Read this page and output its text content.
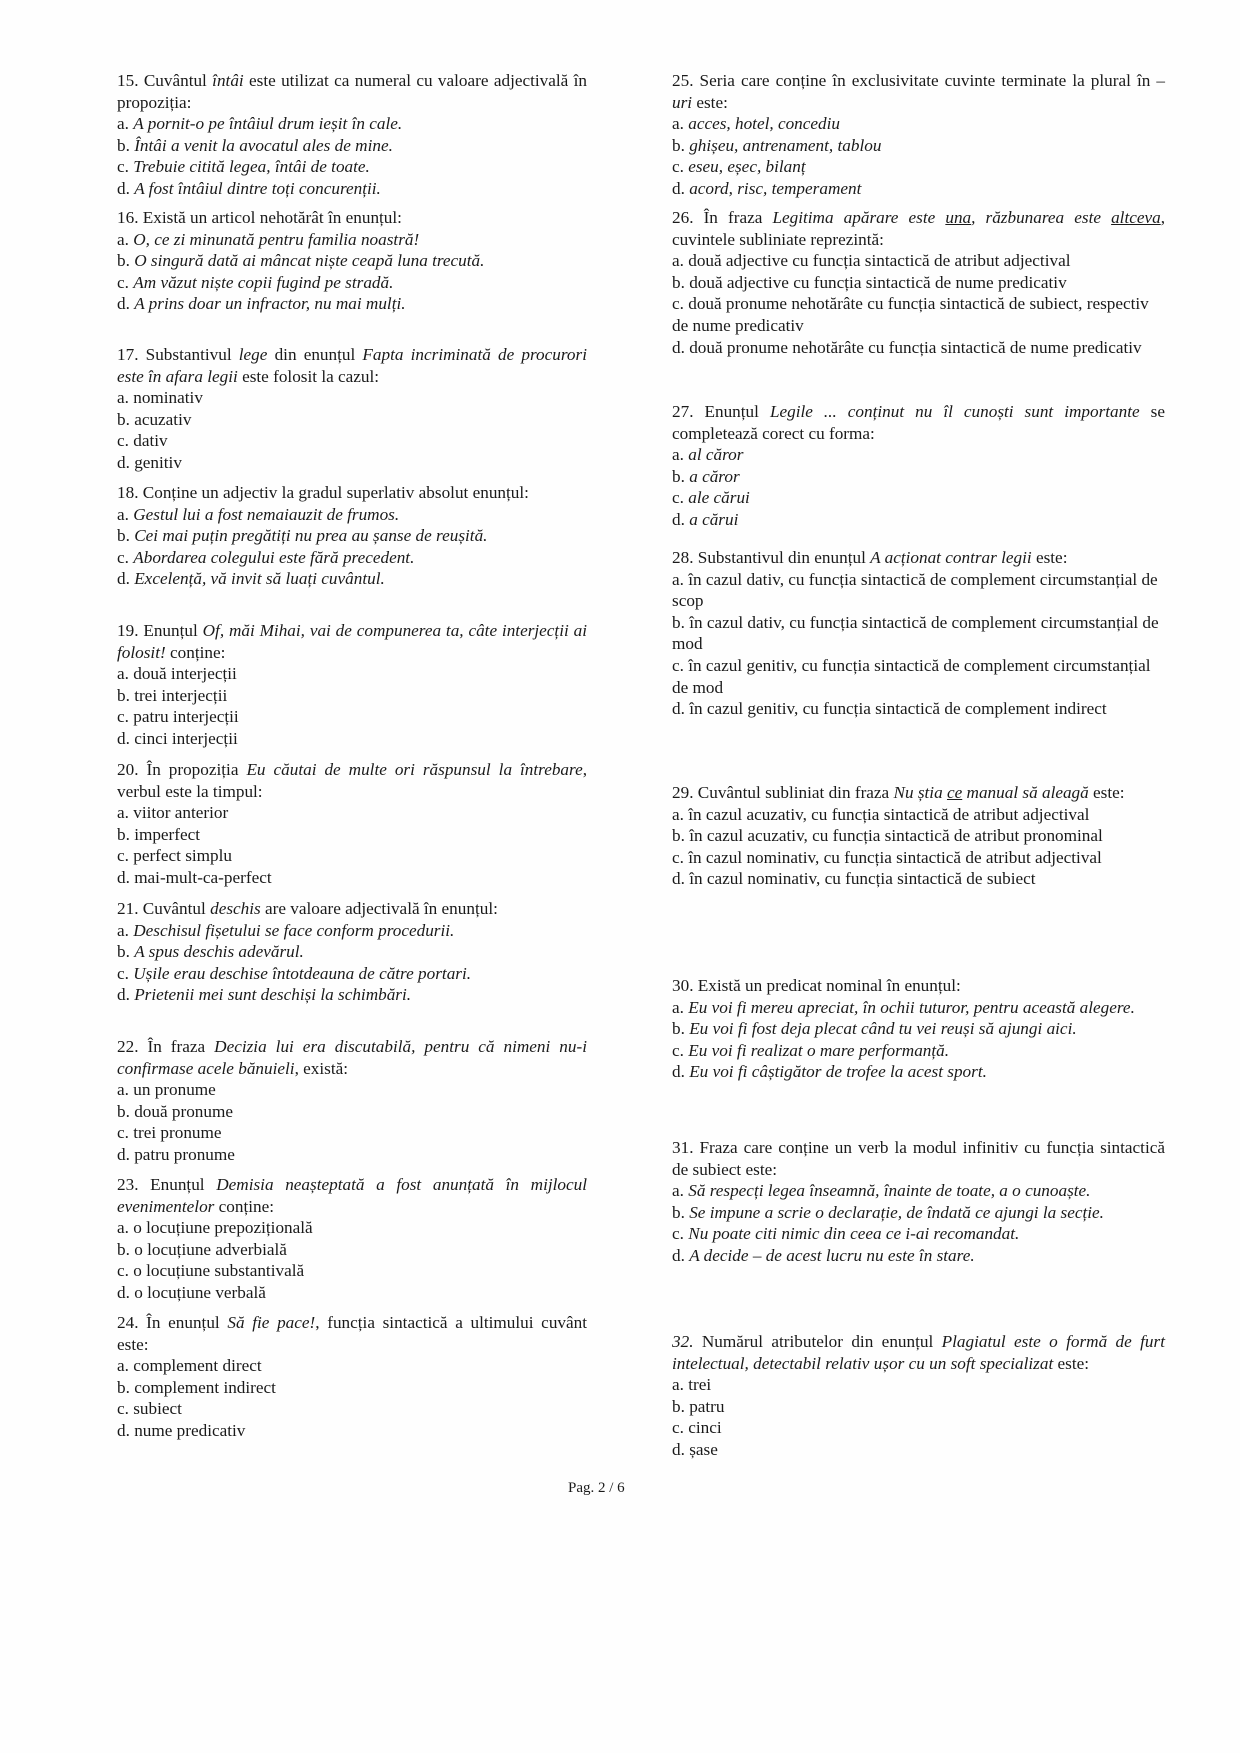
15. Cuvântul întâi este utilizat ca numeral cu valoare adjectivală în propoziția:
a. A pornit-o pe întâiul drum ieșit în cale.
b. Întâi a venit la avocatul ales de mine.
c. Trebuie citită legea, întâi de toate.
d. A fost întâiul dintre toți concurenții.
16. Există un articol nehotărât în enunțul:
a. O, ce zi minunată pentru familia noastră!
b. O singură dată ai mâncat niște ceapă luna trecută.
c. Am văzut niște copii fugind pe stradă.
d. A prins doar un infractor, nu mai mulți.
17. Substantivul lege din enunțul Fapta incriminată de procurori este în afara legii este folosit la cazul:
a. nominativ
b. acuzativ
c. dativ
d. genitiv
18. Conține un adjectiv la gradul superlativ absolut enunțul:
a. Gestul lui a fost nemaiauzit de frumos.
b. Cei mai puțin pregătiți nu prea au șanse de reușită.
c. Abordarea colegului este fără precedent.
d. Excelență, vă invit să luați cuvântul.
19. Enunțul Of, măi Mihai, vai de compunerea ta, câte interjecții ai folosit! conține:
a. două interjecții
b. trei interjecții
c. patru interjecții
d. cinci interjecții
20. În propoziția Eu căutai de multe ori răspunsul la întrebare, verbul este la timpul:
a. viitor anterior
b. imperfect
c. perfect simplu
d. mai-mult-ca-perfect
21. Cuvântul deschis are valoare adjectivală în enunțul:
a. Deschisul fișetului se face conform procedurii.
b. A spus deschis adevărul.
c. Ușile erau deschise întotdeauna de către portari.
d. Prietenii mei sunt deschiși la schimbări.
22. În fraza Decizia lui era discutabilă, pentru că nimeni nu-i confirmase acele bănuieli, există:
a. un pronume
b. două pronume
c. trei pronume
d. patru pronume
23. Enunțul Demisia neașteptată a fost anunțată în mijlocul evenimentelor conține:
a. o locuțiune prepozițională
b. o locuțiune adverbială
c. o locuțiune substantivală
d. o locuțiune verbală
24. În enunțul Să fie pace!, funcția sintactică a ultimului cuvânt este:
a. complement direct
b. complement indirect
c. subiect
d. nume predicativ
25. Seria care conține în exclusivitate cuvinte terminate la plural în –uri este:
a. acces, hotel, concediu
b. ghișeu, antrenament, tablou
c. eseu, eșec, bilanț
d. acord, risc, temperament
26. În fraza Legitima apărare este una, răzbunarea este altceva, cuvintele subliniate reprezintă:
a. două adjective cu funcția sintactică de atribut adjectival
b. două adjective cu funcția sintactică de nume predicativ
c. două pronume nehotărâte cu funcția sintactică de subiect, respectiv de nume predicativ
d. două pronume nehotărâte cu funcția sintactică de nume predicativ
27. Enunțul Legile ... conținut nu îl cunoști sunt importante se completează corect cu forma:
a. al căror
b. a căror
c. ale cărui
d. a cărui
28. Substantivul din enunțul A acționat contrar legii este:
a. în cazul dativ, cu funcția sintactică de complement circumstanțial de scop
b. în cazul dativ, cu funcția sintactică de complement circumstanțial de mod
c. în cazul genitiv, cu funcția sintactică de complement circumstanțial de mod
d. în cazul genitiv, cu funcția sintactică de complement indirect
29. Cuvântul subliniat din fraza Nu știa ce manual să aleagă este:
a. în cazul acuzativ, cu funcția sintactică de atribut adjectival
b. în cazul acuzativ, cu funcția sintactică de atribut pronominal
c. în cazul nominativ, cu funcția sintactică de atribut adjectival
d. în cazul nominativ, cu funcția sintactică de subiect
30. Există un predicat nominal în enunțul:
a. Eu voi fi mereu apreciat, în ochii tuturor, pentru această alegere.
b. Eu voi fi fost deja plecat când tu vei reuși să ajungi aici.
c. Eu voi fi realizat o mare performanță.
d. Eu voi fi câștigător de trofee la acest sport.
31. Fraza care conține un verb la modul infinitiv cu funcția sintactică de subiect este:
a. Să respecți legea înseamnă, înainte de toate, a o cunoaște.
b. Se impune a scrie o declarație, de îndată ce ajungi la secție.
c. Nu poate citi nimic din ceea ce i-ai recomandat.
d. A decide – de acest lucru nu este în stare.
32. Numărul atributelor din enunțul Plagiatul este o formă de furt intelectual, detectabil relativ ușor cu un soft specializat este:
a. trei
b. patru
c. cinci
d. șase
Pag. 2 / 6
